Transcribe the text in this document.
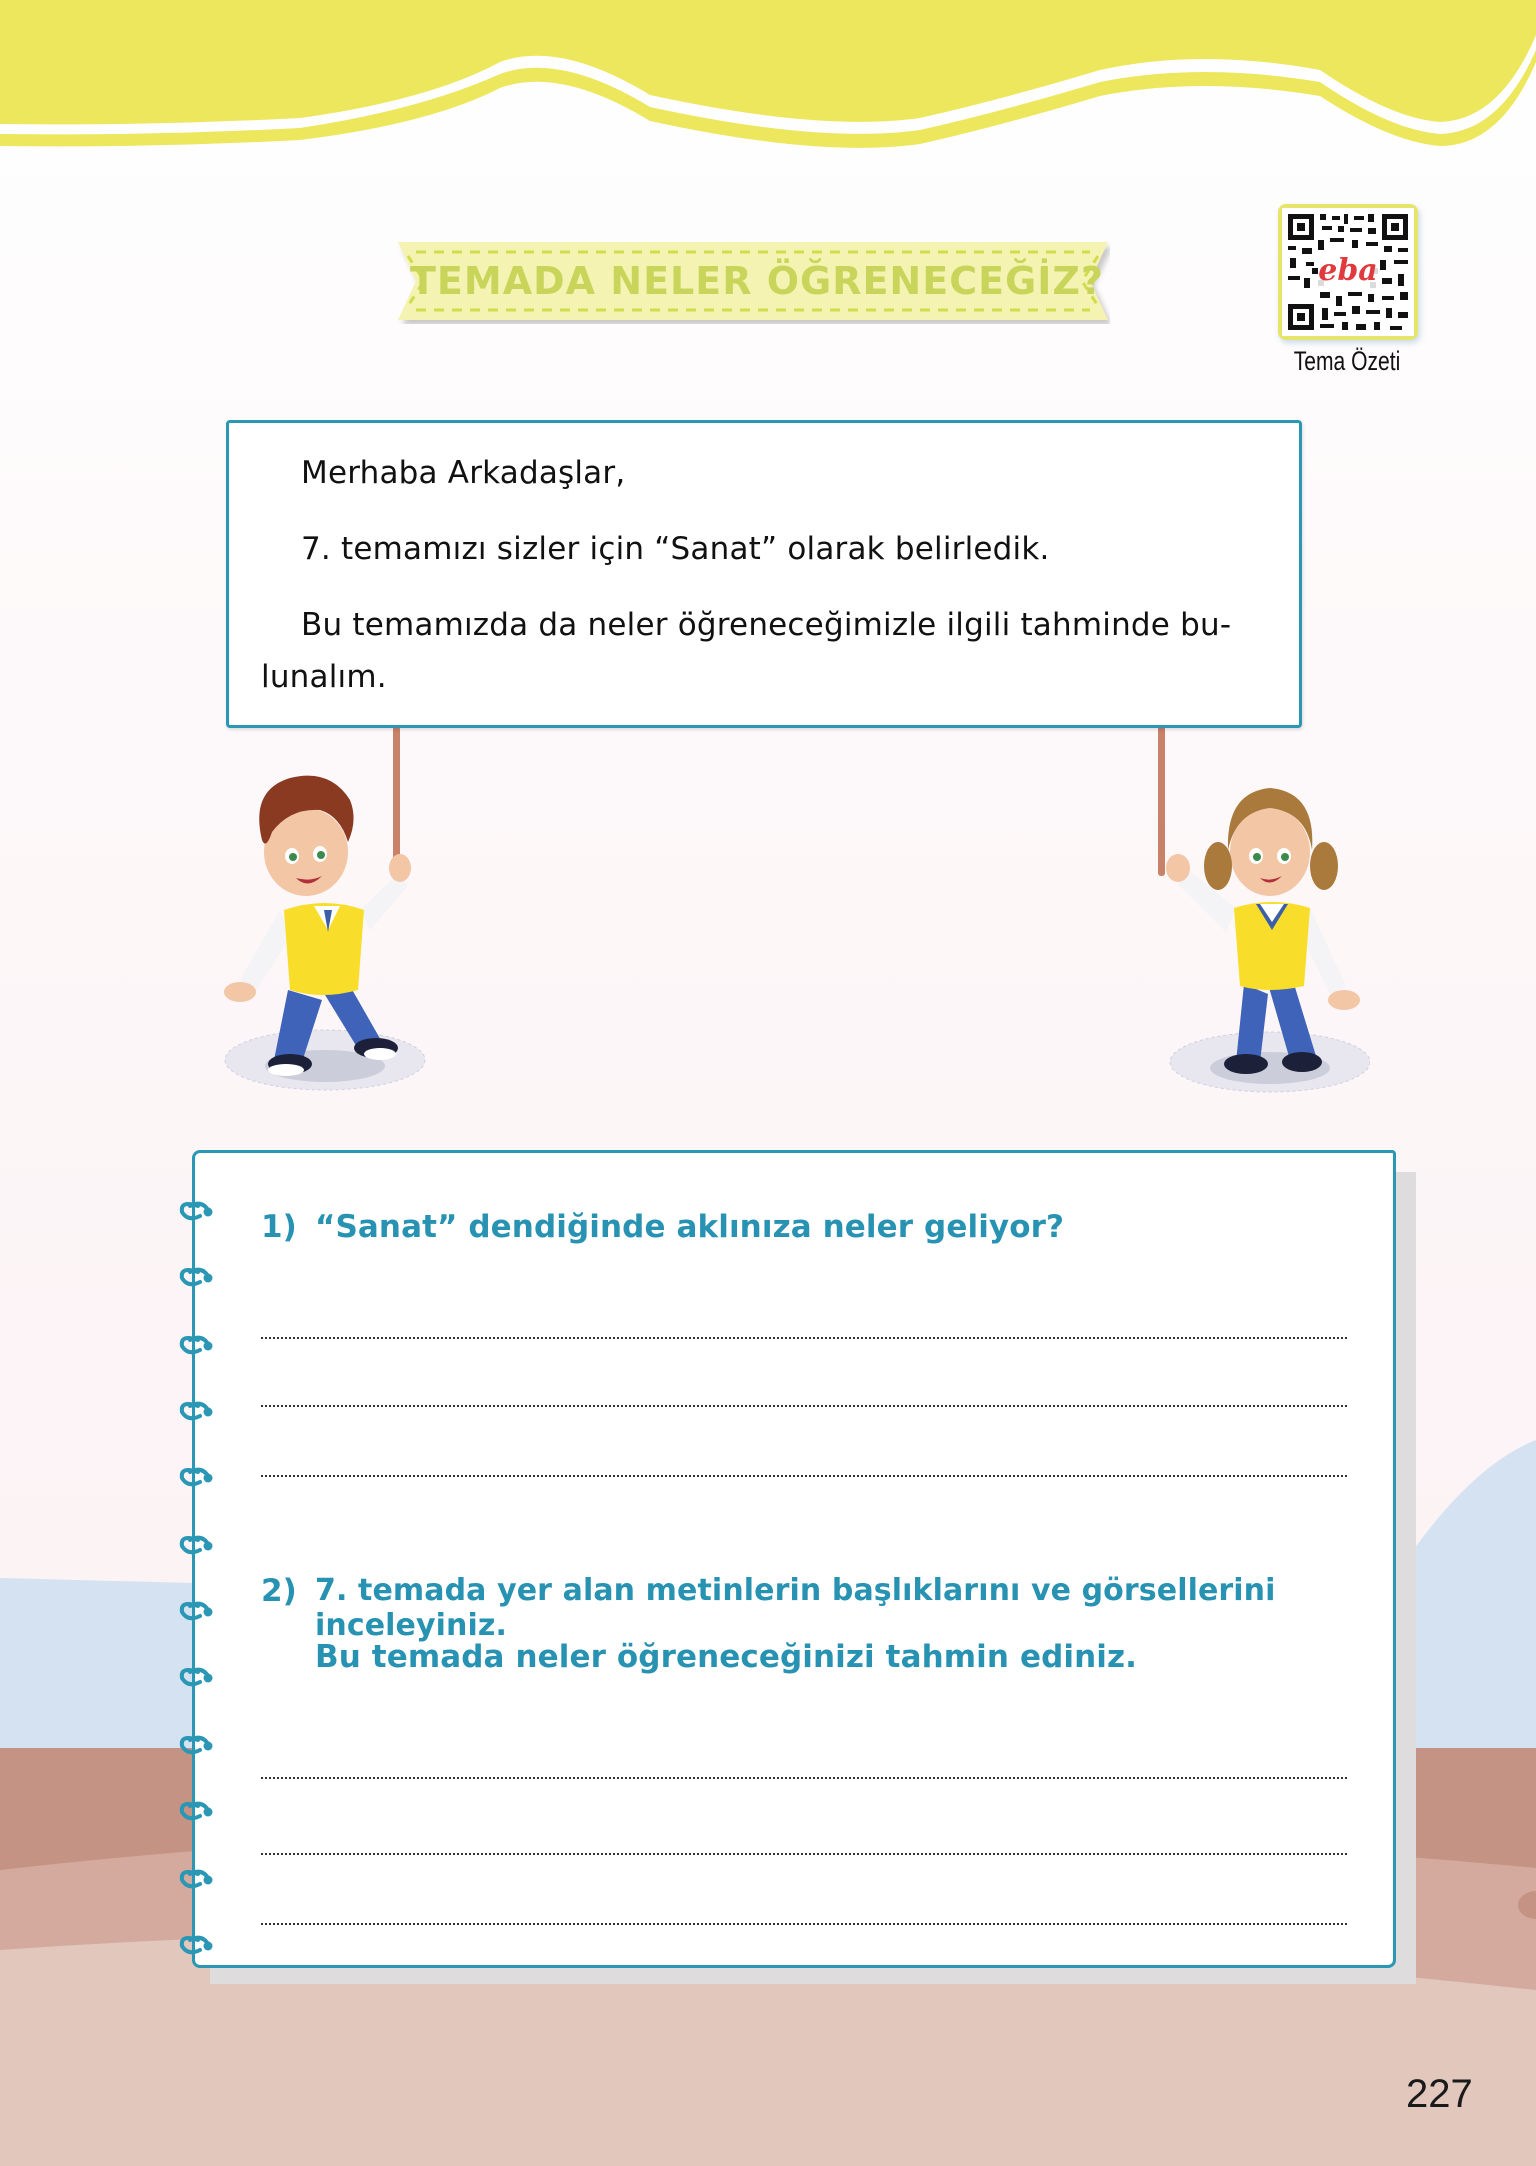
TEMADA NELER ÖĞRENECEĞİZ?	eba
Tema Özeti

Merhaba Arkadaşlar,

7. temamızı sizler için “Sanat” olarak belirledik.

Bu temamızda da neler öğreneceğimizle ilgili tahminde bu-

lunalım.

1) “Sanat” dendiğinde aklınıza neler geliyor?
2) 7. temada yer alan metinlerin başlıklarını ve görsellerini inceleyiniz.
Bu temada neler öğreneceğinizi tahmin ediniz.
227
